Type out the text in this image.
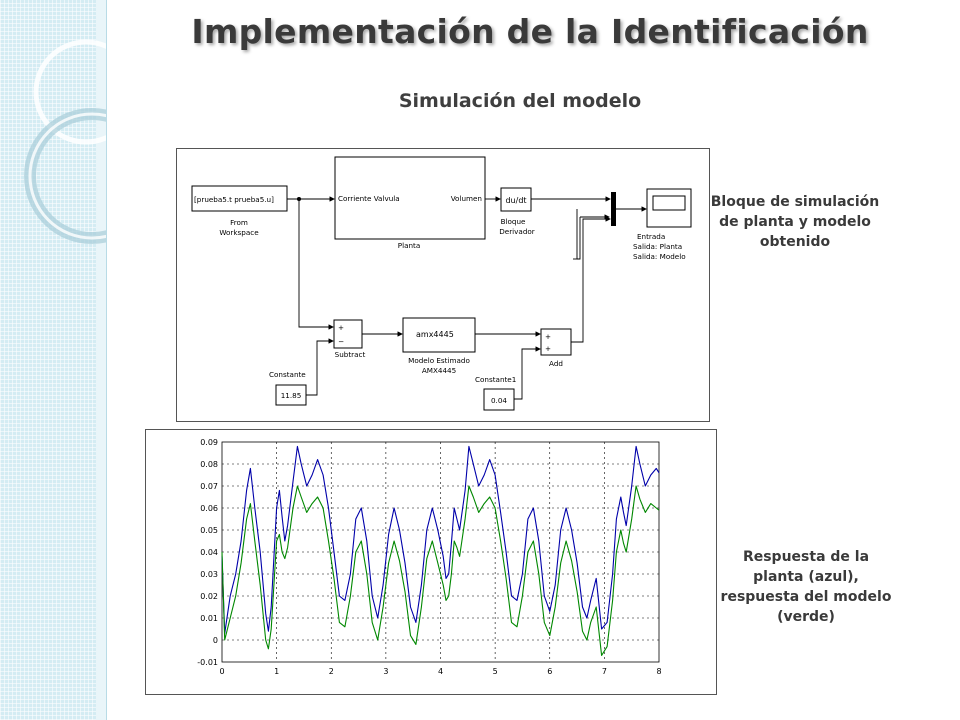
Implementación de la Identificación
Simulación del modelo
[prueba5.t prueba5.u]
From
Workspace
Corriente Valvula	Volumen
Planta
du/dt
Bloque
Derivador
Entrada
Salida: Planta
Salida: Modelo
+
−
Subtract
amx4445
Modelo Estimado
AMX4445
+
+
Add
11.85
Constante
0.04
Constante1
0	1	2	3	4	5	6	7	8
-0.01
0
0.01
0.02
0.03
0.04
0.05
0.06
0.07
0.08
0.09
Bloque de simulación de planta y modelo obtenido
Respuesta de la planta (azul), respuesta del modelo (verde)
